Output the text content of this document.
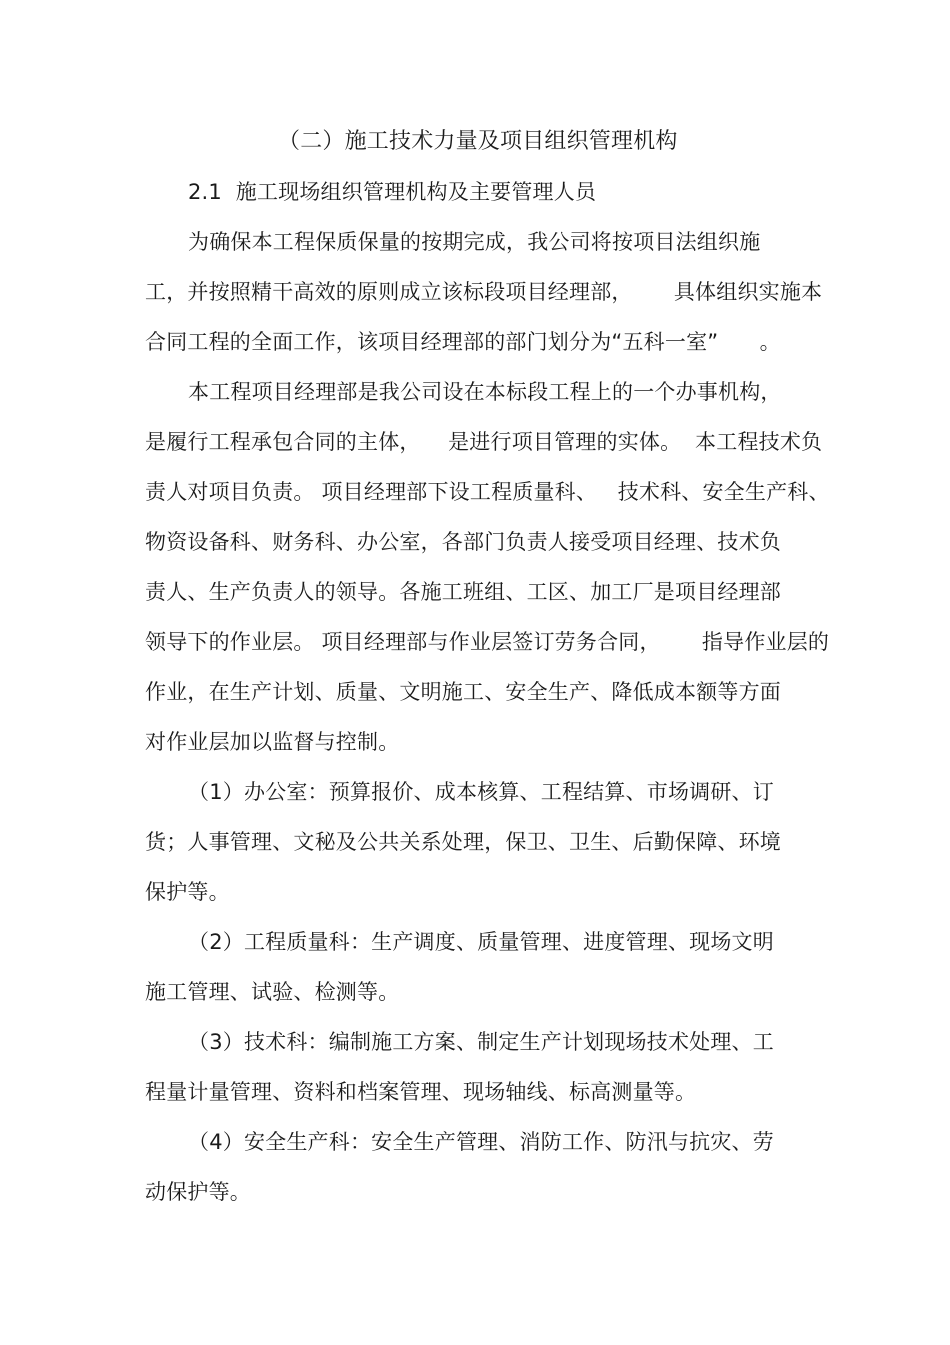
（二）施工技术力量及项目组织管理机构
2.1  施工现场组织管理机构及主要管理人员
为确保本工程保质保量的按期完成，我公司将按项目法组织施
工，并按照精干高效的原则成立该标段项目经理部，      具体组织实施本
合同工程的全面工作，该项目经理部的部门划分为“五科一室”      。
本工程项目经理部是我公司设在本标段工程上的一个办事机构，
是履行工程承包合同的主体，    是进行项目管理的实体。  本工程技术负
责人对项目负责。 项目经理部下设工程质量科、   技术科、安全生产科、
物资设备科、财务科、办公室，各部门负责人接受项目经理、技术负
责人、生产负责人的领导。各施工班组、工区、加工厂是项目经理部
领导下的作业层。 项目经理部与作业层签订劳务合同，      指导作业层的
作业，在生产计划、质量、文明施工、安全生产、降低成本额等方面
对作业层加以监督与控制。
（1）办公室：预算报价、成本核算、工程结算、市场调研、订
货；人事管理、文秘及公共关系处理，保卫、卫生、后勤保障、环境
保护等。
（2）工程质量科：生产调度、质量管理、进度管理、现场文明
施工管理、试验、检测等。
（3）技术科：编制施工方案、制定生产计划现场技术处理、工
程量计量管理、资料和档案管理、现场轴线、标高测量等。
（4）安全生产科：安全生产管理、消防工作、防汛与抗灾、劳
动保护等。
